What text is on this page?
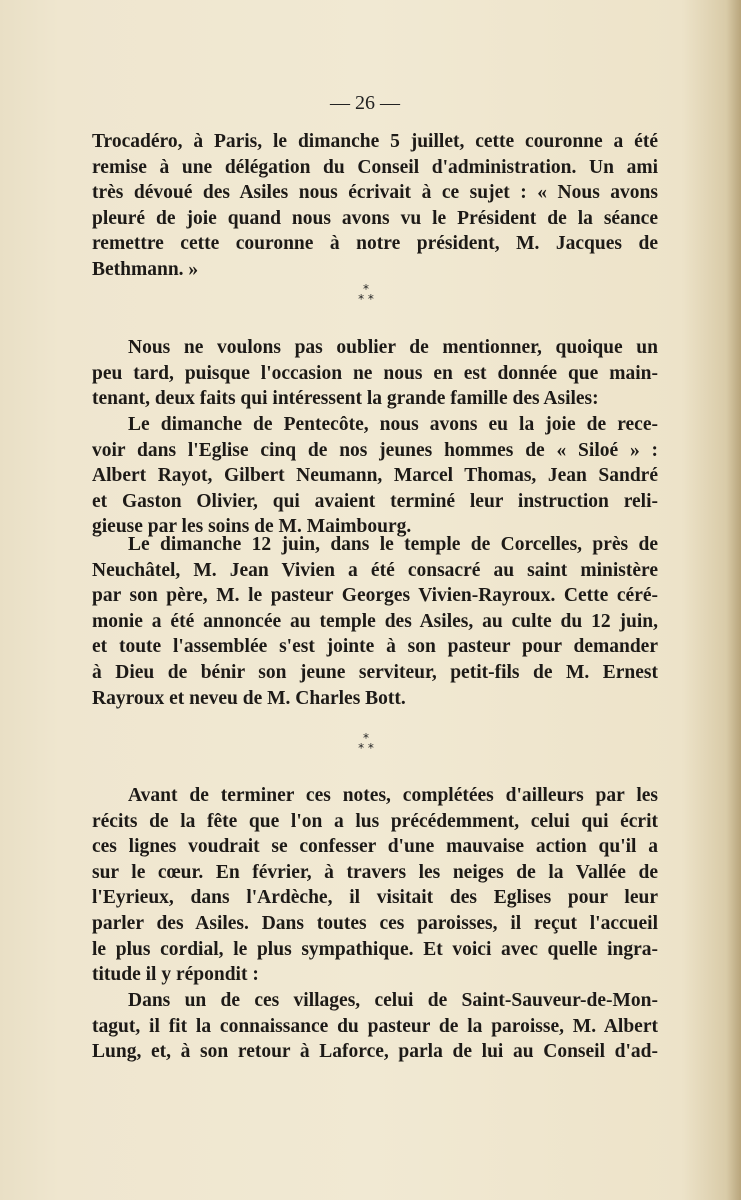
— 26 —
Trocadéro, à Paris, le dimanche 5 juillet, cette couronne a été
remise à une délégation du Conseil d'administration. Un ami
très dévoué des Asiles nous écrivait à ce sujet : « Nous avons
pleuré de joie quand nous avons vu le Président de la séance
remettre cette couronne à notre président, M. Jacques de
Bethmann. »
*
* *
Nous ne voulons pas oublier de mentionner, quoique un
peu tard, puisque l'occasion ne nous en est donnée que main-
tenant, deux faits qui intéressent la grande famille des Asiles:
Le dimanche de Pentecôte, nous avons eu la joie de rece-
voir dans l'Eglise cinq de nos jeunes hommes de « Siloé » :
Albert Rayot, Gilbert Neumann, Marcel Thomas, Jean Sandré
et Gaston Olivier, qui avaient terminé leur instruction reli-
gieuse par les soins de M. Maimbourg.
Le dimanche 12 juin, dans le temple de Corcelles, près de
Neuchâtel, M. Jean Vivien a été consacré au saint ministère
par son père, M. le pasteur Georges Vivien-Rayroux. Cette céré-
monie a été annoncée au temple des Asiles, au culte du 12 juin,
et toute l'assemblée s'est jointe à son pasteur pour demander
à Dieu de bénir son jeune serviteur, petit-fils de M. Ernest
Rayroux et neveu de M. Charles Bott.
*
* *
Avant de terminer ces notes, complétées d'ailleurs par les
récits de la fête que l'on a lus précédemment, celui qui écrit
ces lignes voudrait se confesser d'une mauvaise action qu'il a
sur le cœur. En février, à travers les neiges de la Vallée de
l'Eyrieux, dans l'Ardèche, il visitait des Eglises pour leur
parler des Asiles. Dans toutes ces paroisses, il reçut l'accueil
le plus cordial, le plus sympathique. Et voici avec quelle ingra-
titude il y répondit :
Dans un de ces villages, celui de Saint-Sauveur-de-Mon-
tagut, il fit la connaissance du pasteur de la paroisse, M. Albert
Lung, et, à son retour à Laforce, parla de lui au Conseil d'ad-
